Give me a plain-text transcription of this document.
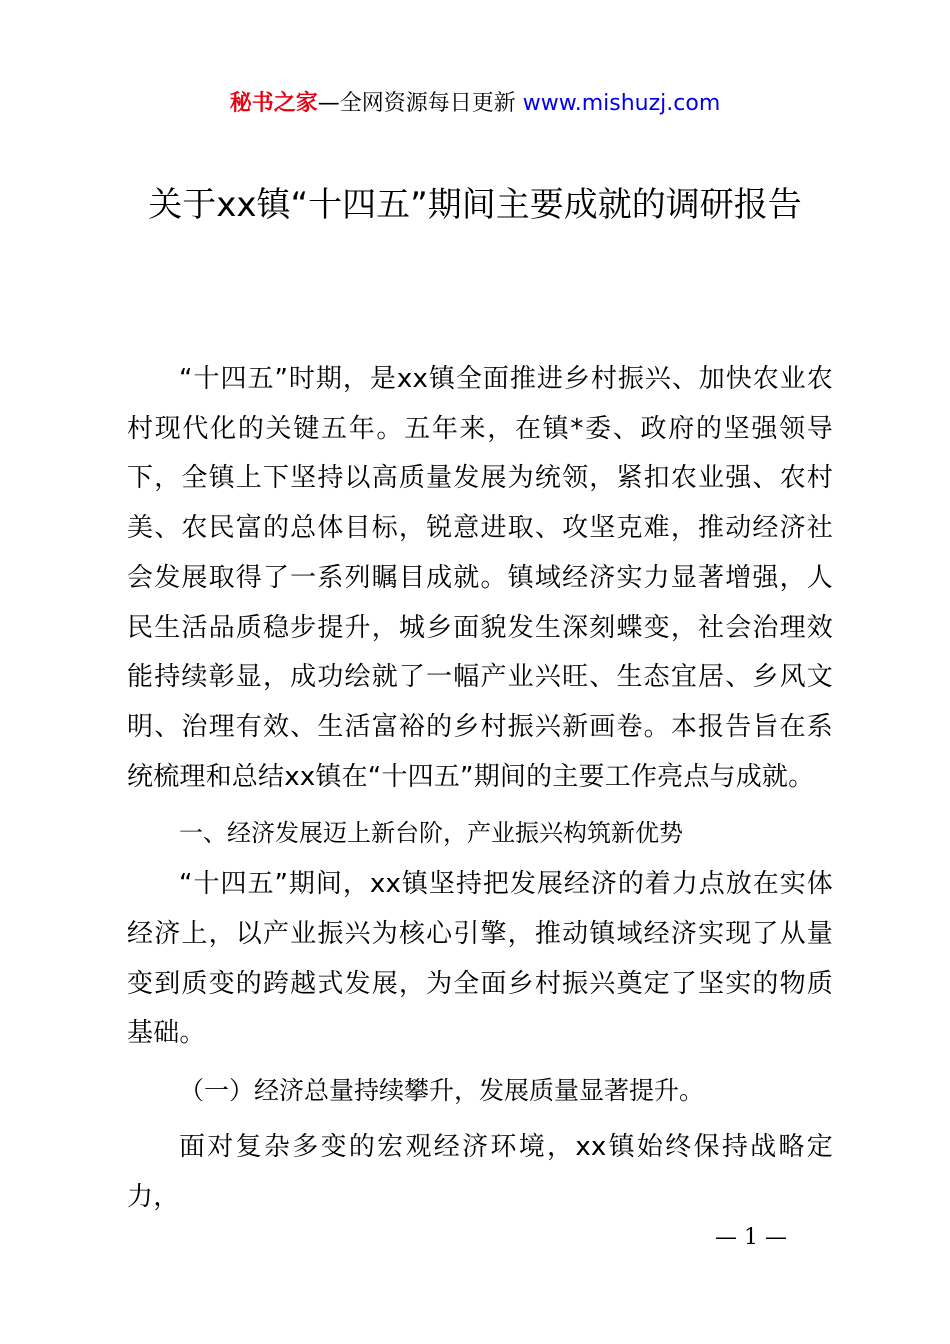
秘书之家—全网资源每日更新 www.mishuzj.com
关于xx镇“十四五”期间主要成就的调研报告

“十四五”时期，是xx镇全面推进乡村振兴、加快农业农村现代化的关键五年。五年来，在镇*委、政府的坚强领导下，全镇上下坚持以高质量发展为统领，紧扣农业强、农村美、农民富的总体目标，锐意进取、攻坚克难，推动经济社会发展取得了一系列瞩目成就。镇域经济实力显著增强，人民生活品质稳步提升，城乡面貌发生深刻蝶变，社会治理效能持续彰显，成功绘就了一幅产业兴旺、生态宜居、乡风文明、治理有效、生活富裕的乡村振兴新画卷。本报告旨在系统梳理和总结xx镇在“十四五”期间的主要工作亮点与成就。

一、经济发展迈上新台阶，产业振兴构筑新优势

“十四五”期间，xx镇坚持把发展经济的着力点放在实体经济上，以产业振兴为核心引擎，推动镇域经济实现了从量变到质变的跨越式发展，为全面乡村振兴奠定了坚实的物质基础。

（一）经济总量持续攀升，发展质量显著提升。

面对复杂多变的宏观经济环境，xx镇始终保持战略定力，

— 1 —
